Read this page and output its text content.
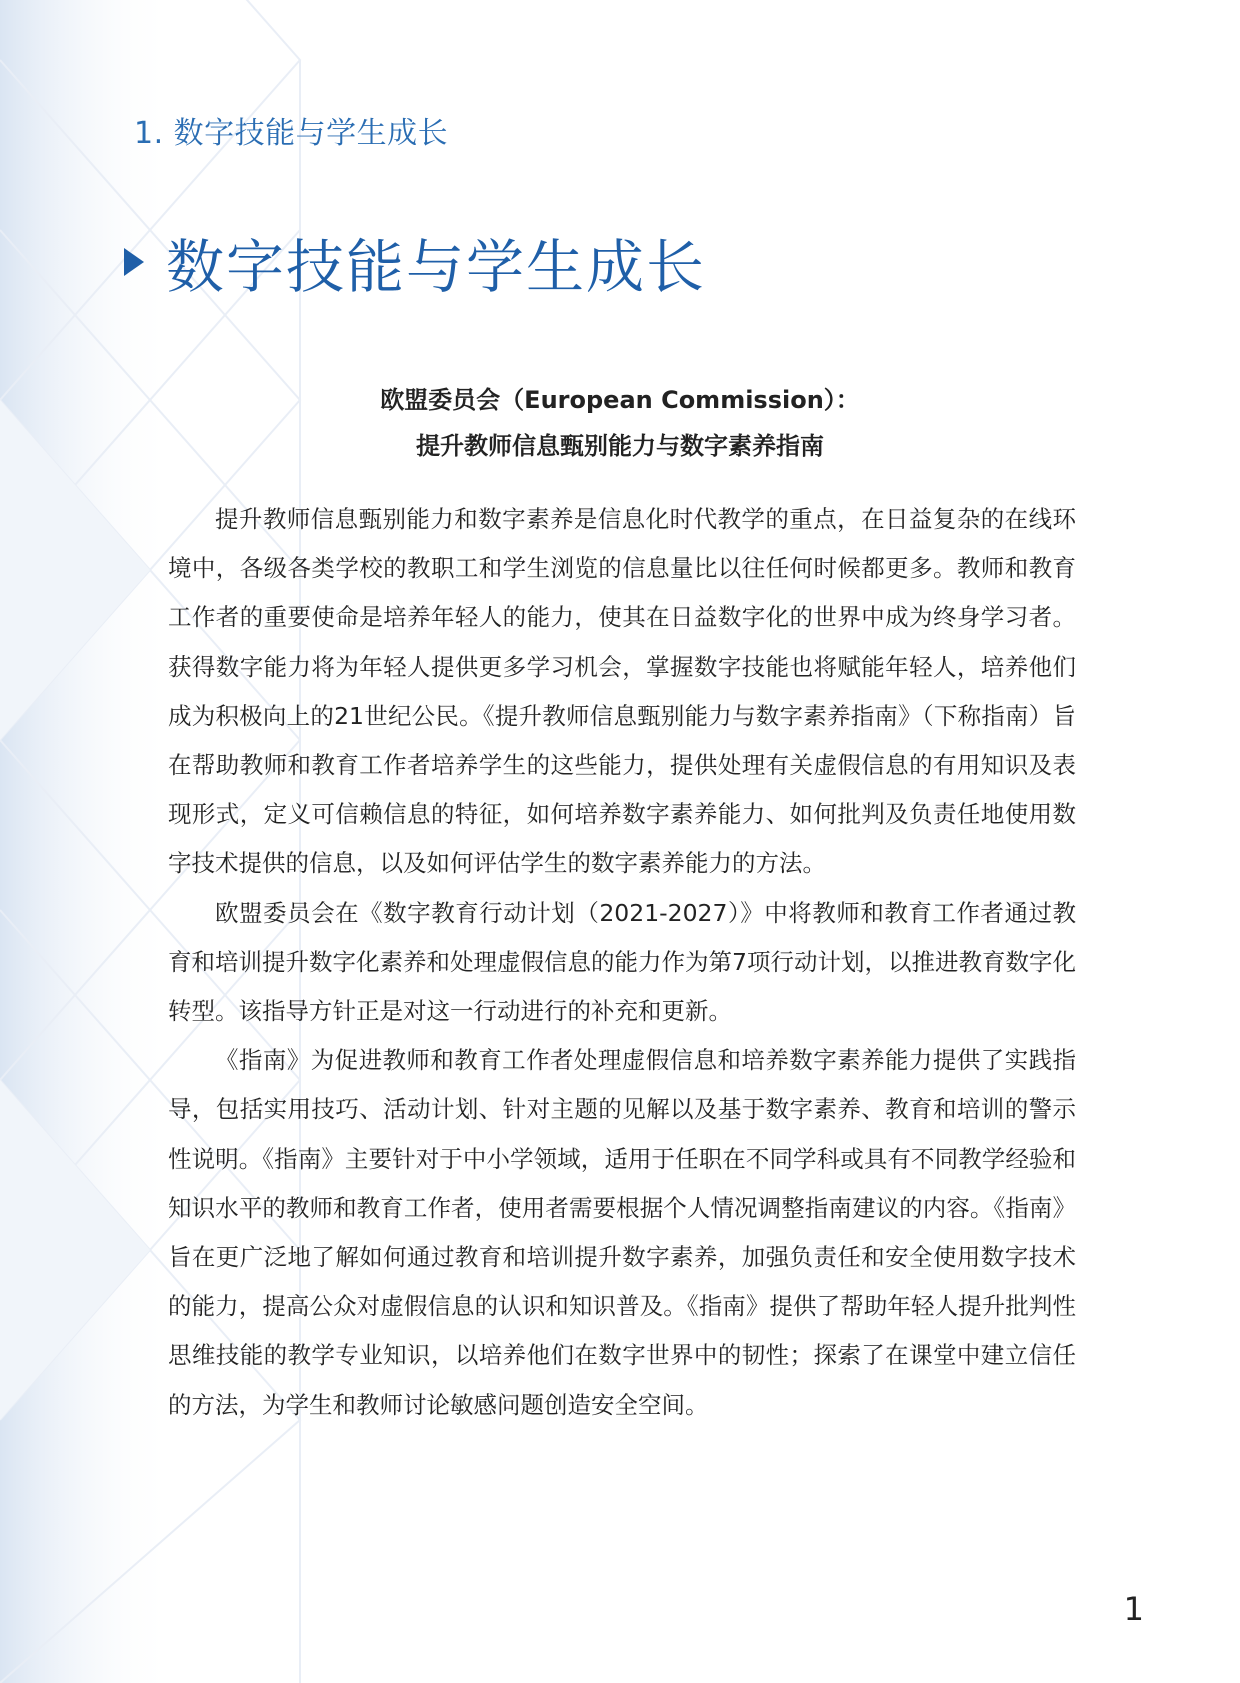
1. 数字技能与学生成长
数字技能与学生成长
欧盟委员会（European Commission）：
提升教师信息甄别能力与数字素养指南

提升教师信息甄别能力和数字素养是信息化时代教学的重点，在日益复杂的在线环境中，各级各类学校的教职工和学生浏览的信息量比以往任何时候都更多。教师和教育工作者的重要使命是培养年轻人的能力，使其在日益数字化的世界中成为终身学习者。获得数字能力将为年轻人提供更多学习机会，掌握数字技能也将赋能年轻人，培养他们成为积极向上的21世纪公民。《提升教师信息甄别能力与数字素养指南》（下称指南）旨在帮助教师和教育工作者培养学生的这些能力，提供处理有关虚假信息的有用知识及表现形式，定义可信赖信息的特征，如何培养数字素养能力、如何批判及负责任地使用数字技术提供的信息，以及如何评估学生的数字素养能力的方法。

欧盟委员会在《数字教育行动计划（2021-2027）》中将教师和教育工作者通过教育和培训提升数字化素养和处理虚假信息的能力作为第7项行动计划，以推进教育数字化转型。该指导方针正是对这一行动进行的补充和更新。

《指南》为促进教师和教育工作者处理虚假信息和培养数字素养能力提供了实践指导，包括实用技巧、活动计划、针对主题的见解以及基于数字素养、教育和培训的警示性说明。《指南》主要针对于中小学领域，适用于任职在不同学科或具有不同教学经验和知识水平的教师和教育工作者，使用者需要根据个人情况调整指南建议的内容。《指南》旨在更广泛地了解如何通过教育和培训提升数字素养，加强负责任和安全使用数字技术的能力，提高公众对虚假信息的认识和知识普及。《指南》提供了帮助年轻人提升批判性思维技能的教学专业知识，以培养他们在数字世界中的韧性；探索了在课堂中建立信任的方法，为学生和教师讨论敏感问题创造安全空间。

1
